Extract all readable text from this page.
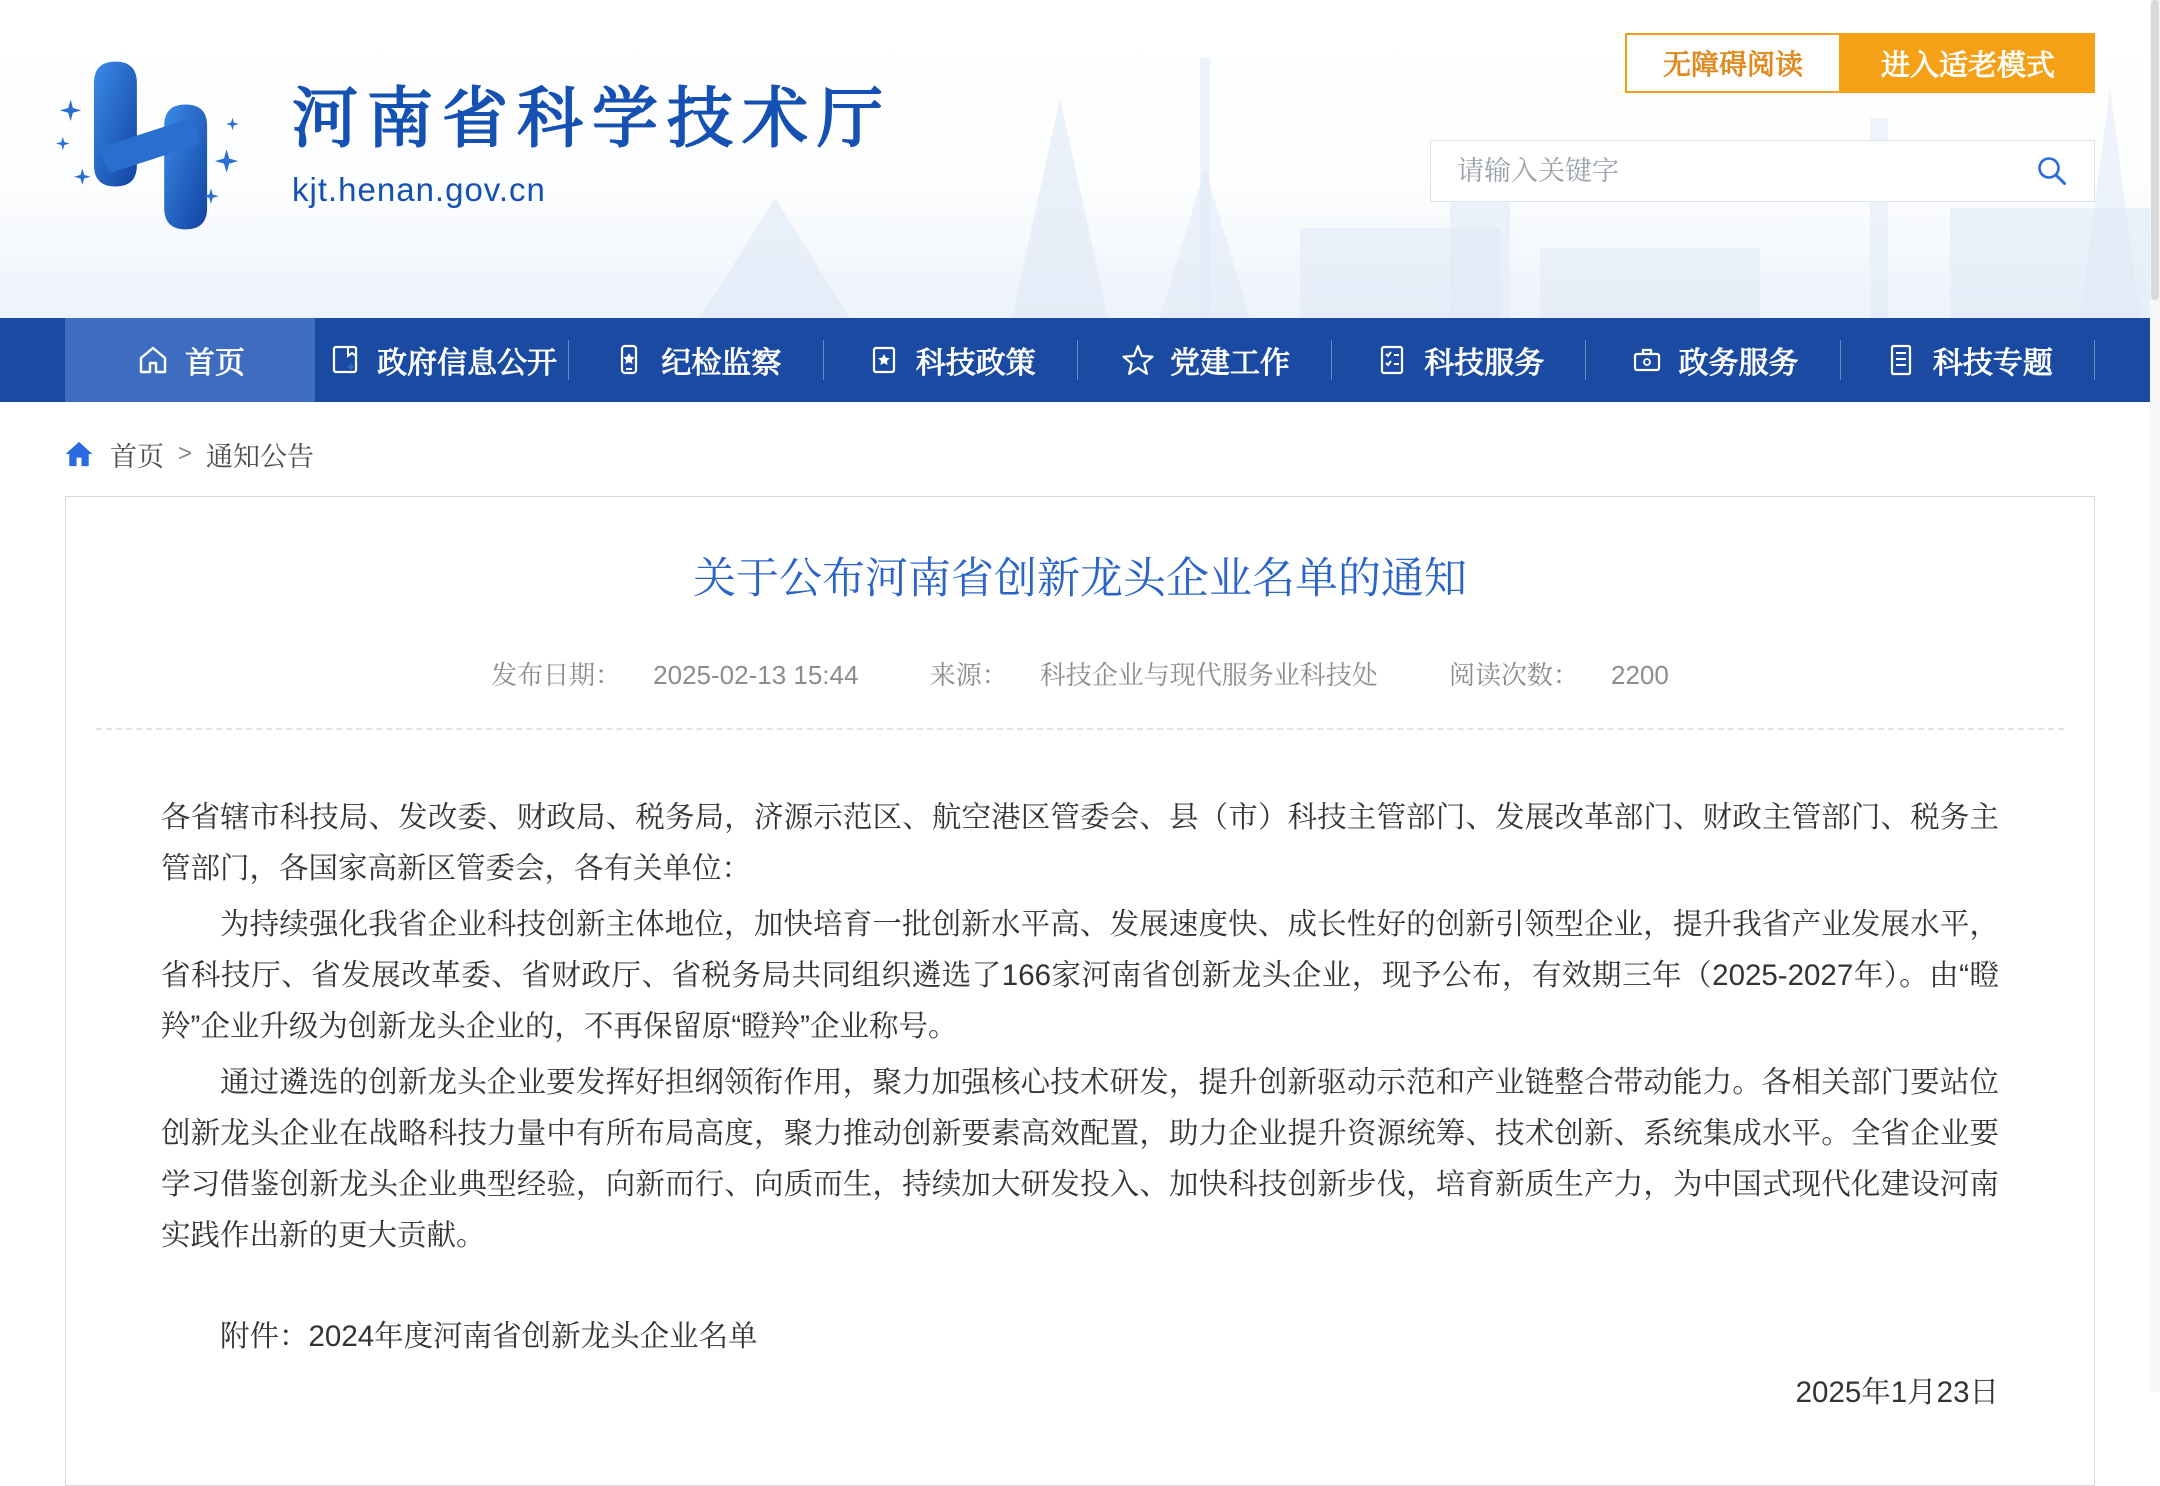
河南省科学技术厅
kjt.henan.gov.cn
无障碍阅读	进入适老模式
请输入关键字
首页	政府信息公开	纪检监察	科技政策	党建工作	科技服务	政务服务	科技专题
首页 > 通知公告
关于公布河南省创新龙头企业名单的通知
发布日期： 2025-02-13 15:44	来源： 科技企业与现代服务业科技处	阅读次数： 2200

各省辖市科技局、发改委、财政局、税务局，济源示范区、航空港区管委会、县（市）科技主管部门、发展改革部门、财政主管部门、税务主管部门，各国家高新区管委会，各有关单位：

为持续强化我省企业科技创新主体地位，加快培育一批创新水平高、发展速度快、成长性好的创新引领型企业，提升我省产业发展水平，省科技厅、省发展改革委、省财政厅、省税务局共同组织遴选了166家河南省创新龙头企业，现予公布，有效期三年（2025-2027年）。由“瞪羚”企业升级为创新龙头企业的，不再保留原“瞪羚”企业称号。

通过遴选的创新龙头企业要发挥好担纲领衔作用，聚力加强核心技术研发，提升创新驱动示范和产业链整合带动能力。各相关部门要站位创新龙头企业在战略科技力量中有所布局高度，聚力推动创新要素高效配置，助力企业提升资源统筹、技术创新、系统集成水平。全省企业要学习借鉴创新龙头企业典型经验，向新而行、向质而生，持续加大研发投入、加快科技创新步伐，培育新质生产力，为中国式现代化建设河南实践作出新的更大贡献。

附件：2024年度河南省创新龙头企业名单

2025年1月23日
